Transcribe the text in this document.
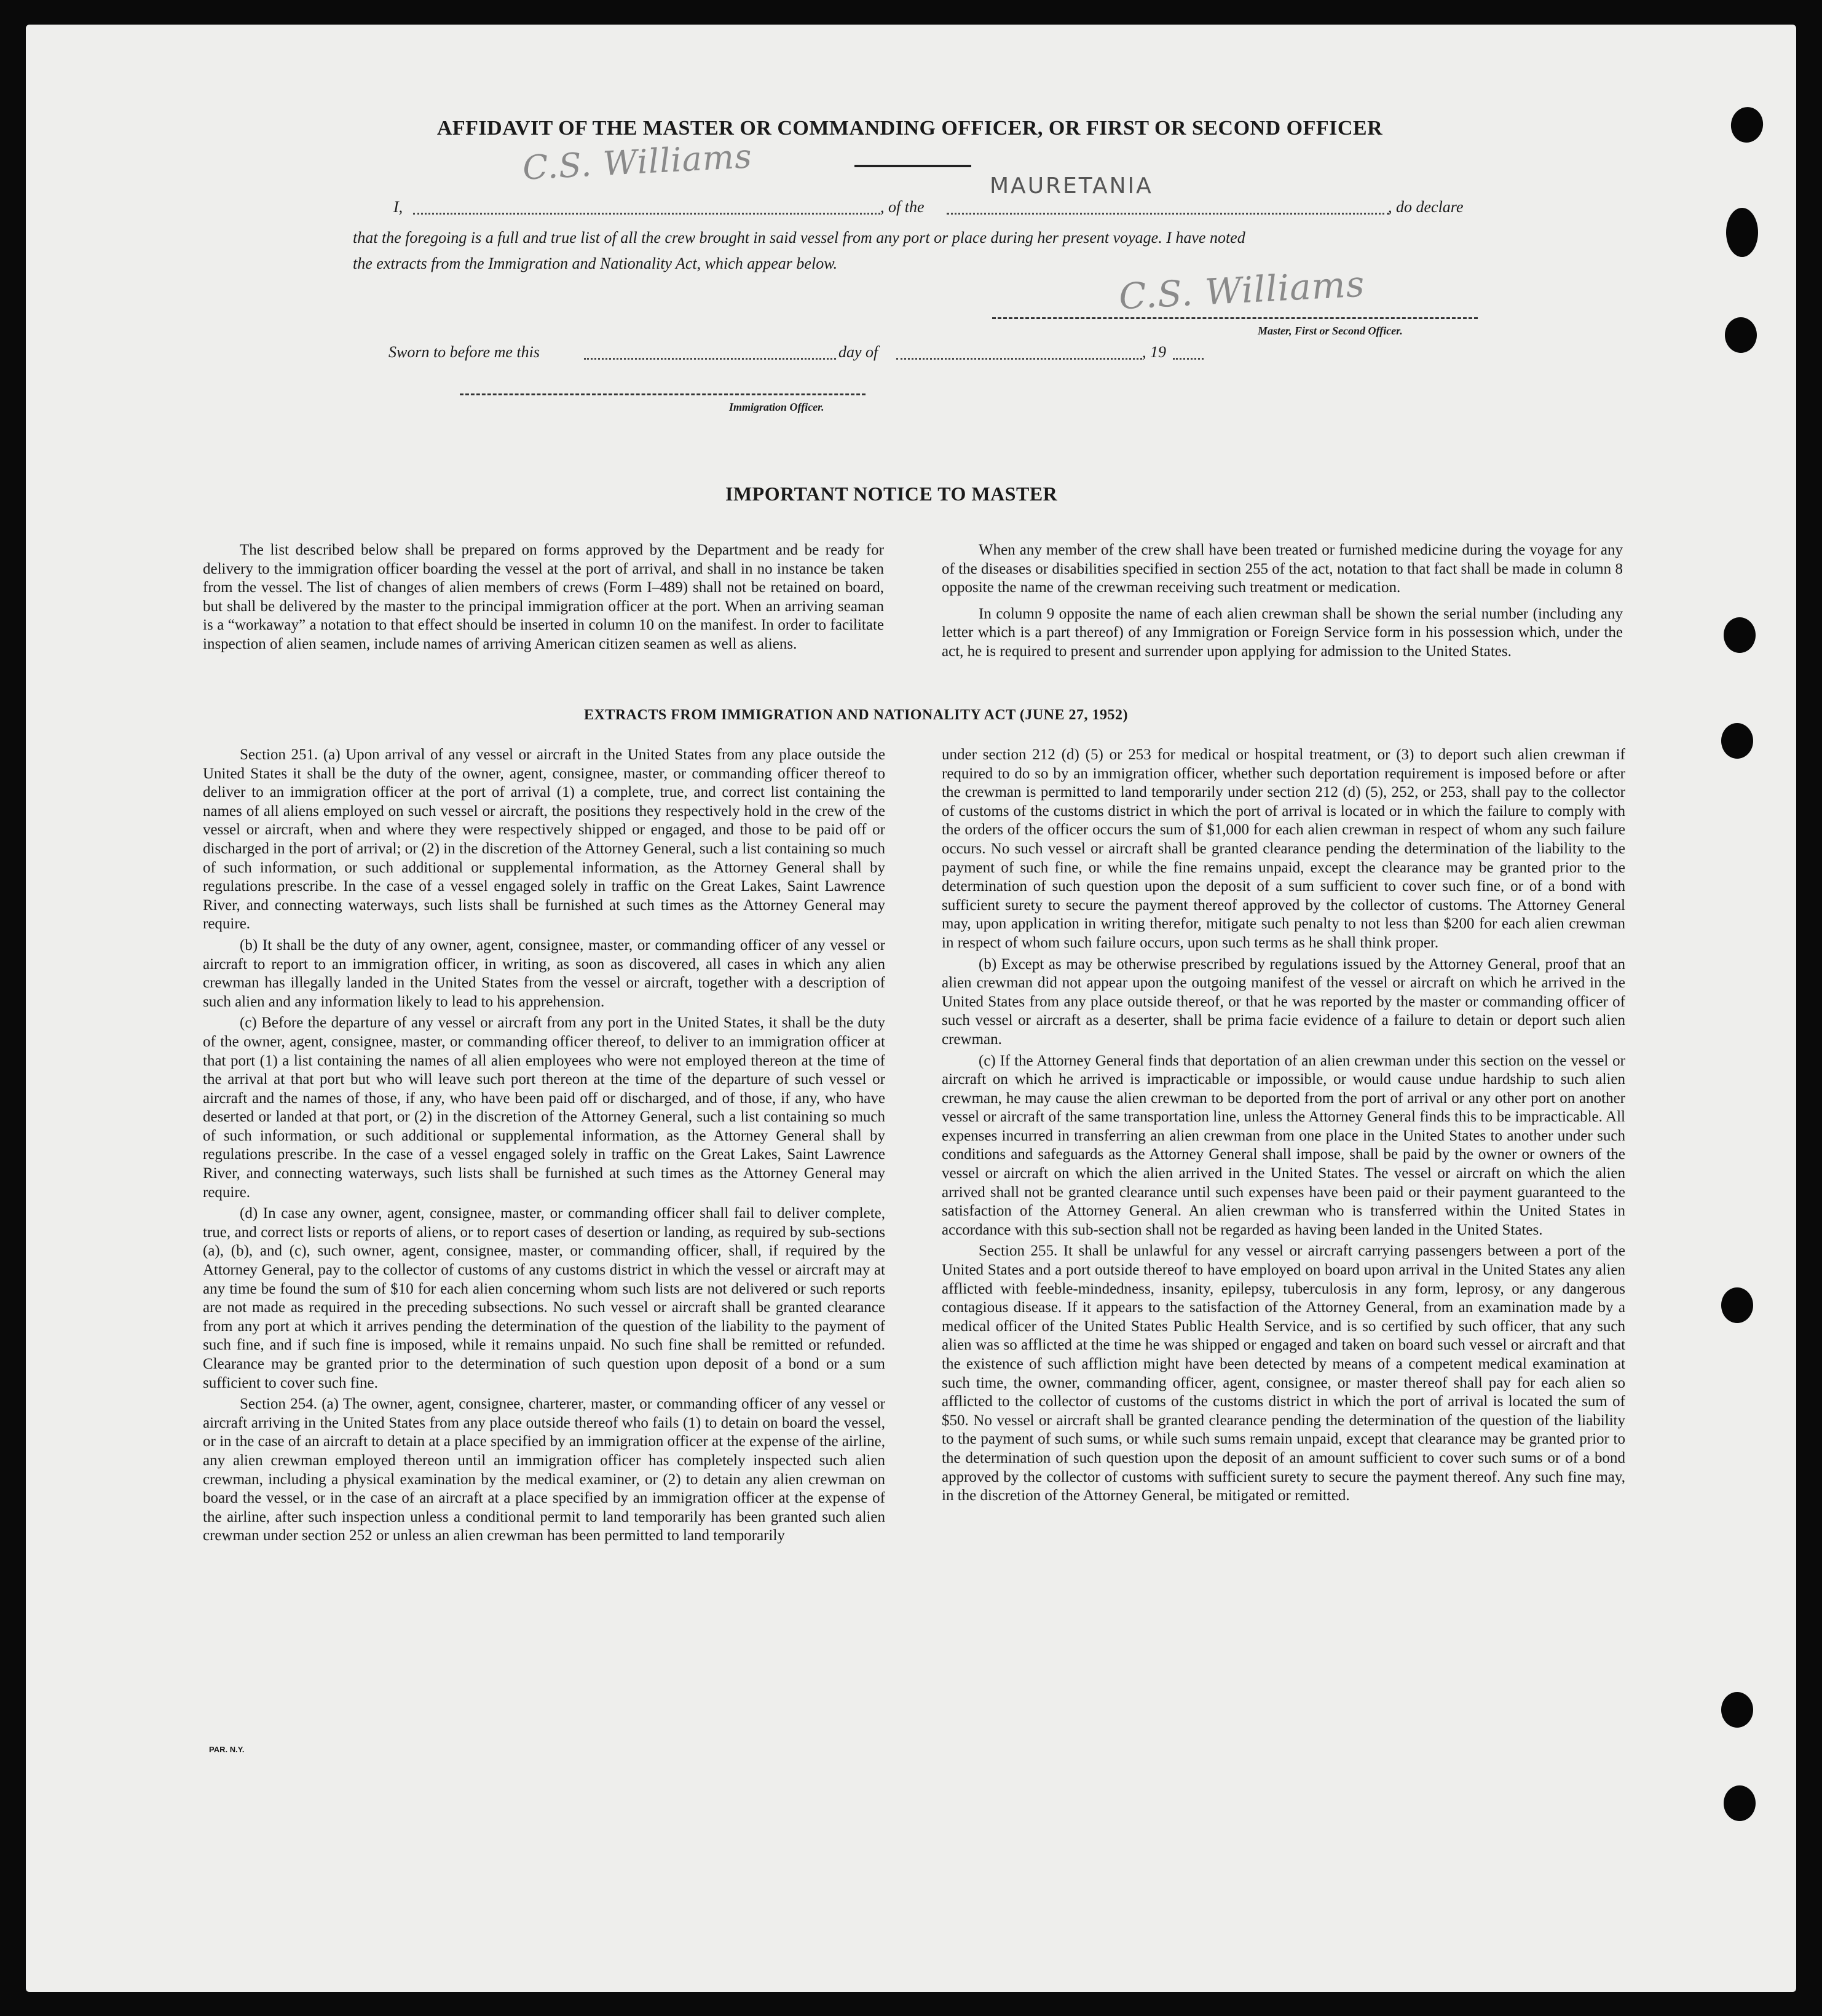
AFFIDAVIT OF THE MASTER OR COMMANDING OFFICER, OR FIRST OR SECOND OFFICER
C.S. Williams	MAURETANIA
I,	, of the	, do declare
that the foregoing is a full and true list of all the crew brought in said vessel from any port or place during her present voyage. I have noted
the extracts from the Immigration and Nationality Act, which appear below.	C.S. Williams
Master, First or Second Officer.
Sworn to before me this	day of	, 19
Immigration Officer.
IMPORTANT NOTICE TO MASTER

The list described below shall be prepared on forms approved by the Department and be ready for delivery to the immigration officer boarding the vessel at the port of arrival, and shall in no instance be taken from the vessel. The list of changes of alien members of crews (Form I–489) shall not be retained on board, but shall be delivered by the master to the principal immigration officer at the port. When an arriving seaman is a “workaway” a notation to that effect should be inserted in column 10 on the manifest. In order to facilitate inspection of alien seamen, include names of arriving American citizen seamen as well as aliens.

When any member of the crew shall have been treated or furnished medicine during the voyage for any of the diseases or disabilities specified in section 255 of the act, notation to that fact shall be made in column 8 opposite the name of the crewman receiving such treatment or medication.

In column 9 opposite the name of each alien crewman shall be shown the serial number (including any letter which is a part thereof) of any Immigration or Foreign Service form in his possession which, under the act, he is required to present and surrender upon applying for admission to the United States.

EXTRACTS FROM IMMIGRATION AND NATIONALITY ACT (JUNE 27, 1952)

Section 251. (a) Upon arrival of any vessel or aircraft in the United States from any place outside the United States it shall be the duty of the owner, agent, consignee, master, or commanding officer thereof to deliver to an immigration officer at the port of arrival (1) a complete, true, and correct list containing the names of all aliens employed on such vessel or aircraft, the positions they respectively hold in the crew of the vessel or aircraft, when and where they were respectively shipped or engaged, and those to be paid off or discharged in the port of arrival; or (2) in the discretion of the Attorney General, such a list containing so much of such information, or such additional or supplemental information, as the Attorney General shall by regulations prescribe. In the case of a vessel engaged solely in traffic on the Great Lakes, Saint Lawrence River, and connecting waterways, such lists shall be furnished at such times as the Attorney General may require.

(b) It shall be the duty of any owner, agent, consignee, master, or commanding officer of any vessel or aircraft to report to an immigration officer, in writing, as soon as discovered, all cases in which any alien crewman has illegally landed in the United States from the vessel or aircraft, together with a description of such alien and any information likely to lead to his apprehension.

(c) Before the departure of any vessel or aircraft from any port in the United States, it shall be the duty of the owner, agent, consignee, master, or commanding officer thereof, to deliver to an immigration officer at that port (1) a list containing the names of all alien employees who were not employed thereon at the time of the arrival at that port but who will leave such port thereon at the time of the departure of such vessel or aircraft and the names of those, if any, who have been paid off or discharged, and of those, if any, who have deserted or landed at that port, or (2) in the discretion of the Attorney General, such a list containing so much of such information, or such additional or supplemental information, as the Attorney General shall by regulations prescribe. In the case of a vessel engaged solely in traffic on the Great Lakes, Saint Lawrence River, and connecting waterways, such lists shall be furnished at such times as the Attorney General may require.

(d) In case any owner, agent, consignee, master, or commanding officer shall fail to deliver complete, true, and correct lists or reports of aliens, or to report cases of desertion or landing, as required by sub-sections (a), (b), and (c), such owner, agent, consignee, master, or commanding officer, shall, if required by the Attorney General, pay to the collector of customs of any customs district in which the vessel or aircraft may at any time be found the sum of $10 for each alien concerning whom such lists are not delivered or such reports are not made as required in the preceding subsections. No such vessel or aircraft shall be granted clearance from any port at which it arrives pending the determination of the question of the liability to the payment of such fine, and if such fine is imposed, while it remains unpaid. No such fine shall be remitted or refunded. Clearance may be granted prior to the determination of such question upon deposit of a bond or a sum sufficient to cover such fine.

Section 254. (a) The owner, agent, consignee, charterer, master, or commanding officer of any vessel or aircraft arriving in the United States from any place outside thereof who fails (1) to detain on board the vessel, or in the case of an aircraft to detain at a place specified by an immigration officer at the expense of the airline, any alien crewman employed thereon until an immigration officer has completely inspected such alien crewman, including a physical examination by the medical examiner, or (2) to detain any alien crewman on board the vessel, or in the case of an aircraft at a place specified by an immigration officer at the expense of the airline, after such inspection unless a conditional permit to land temporarily has been granted such alien crewman under section 252 or unless an alien crewman has been permitted to land temporarily

under section 212 (d) (5) or 253 for medical or hospital treatment, or (3) to deport such alien crewman if required to do so by an immigration officer, whether such deportation requirement is imposed before or after the crewman is permitted to land temporarily under section 212 (d) (5), 252, or 253, shall pay to the collector of customs of the customs district in which the port of arrival is located or in which the failure to comply with the orders of the officer occurs the sum of $1,000 for each alien crewman in respect of whom any such failure occurs. No such vessel or aircraft shall be granted clearance pending the determination of the liability to the payment of such fine, or while the fine remains unpaid, except the clearance may be granted prior to the determination of such question upon the deposit of a sum sufficient to cover such fine, or of a bond with sufficient surety to secure the payment thereof approved by the collector of customs. The Attorney General may, upon application in writing therefor, mitigate such penalty to not less than $200 for each alien crewman in respect of whom such failure occurs, upon such terms as he shall think proper.

(b) Except as may be otherwise prescribed by regulations issued by the Attorney General, proof that an alien crewman did not appear upon the outgoing manifest of the vessel or aircraft on which he arrived in the United States from any place outside thereof, or that he was reported by the master or commanding officer of such vessel or aircraft as a deserter, shall be prima facie evidence of a failure to detain or deport such alien crewman.

(c) If the Attorney General finds that deportation of an alien crewman under this section on the vessel or aircraft on which he arrived is impracticable or impossible, or would cause undue hardship to such alien crewman, he may cause the alien crewman to be deported from the port of arrival or any other port on another vessel or aircraft of the same transportation line, unless the Attorney General finds this to be impracticable. All expenses incurred in transferring an alien crewman from one place in the United States to another under such conditions and safeguards as the Attorney General shall impose, shall be paid by the owner or owners of the vessel or aircraft on which the alien arrived in the United States. The vessel or aircraft on which the alien arrived shall not be granted clearance until such expenses have been paid or their payment guaranteed to the satisfaction of the Attorney General. An alien crewman who is transferred within the United States in accordance with this sub-section shall not be regarded as having been landed in the United States.

Section 255. It shall be unlawful for any vessel or aircraft carrying passengers between a port of the United States and a port outside thereof to have employed on board upon arrival in the United States any alien afflicted with feeble-mindedness, insanity, epilepsy, tuberculosis in any form, leprosy, or any dangerous contagious disease. If it appears to the satisfaction of the Attorney General, from an examination made by a medical officer of the United States Public Health Service, and is so certified by such officer, that any such alien was so afflicted at the time he was shipped or engaged and taken on board such vessel or aircraft and that the existence of such affliction might have been detected by means of a competent medical examination at such time, the owner, commanding officer, agent, consignee, or master thereof shall pay for each alien so afflicted to the collector of customs of the customs district in which the port of arrival is located the sum of $50. No vessel or aircraft shall be granted clearance pending the determination of the question of the liability to the payment of such sums, or while such sums remain unpaid, except that clearance may be granted prior to the determination of such question upon the deposit of an amount sufficient to cover such sums or of a bond approved by the collector of customs with sufficient surety to secure the payment thereof. Any such fine may, in the discretion of the Attorney General, be mitigated or remitted.

PAR. N.Y.
